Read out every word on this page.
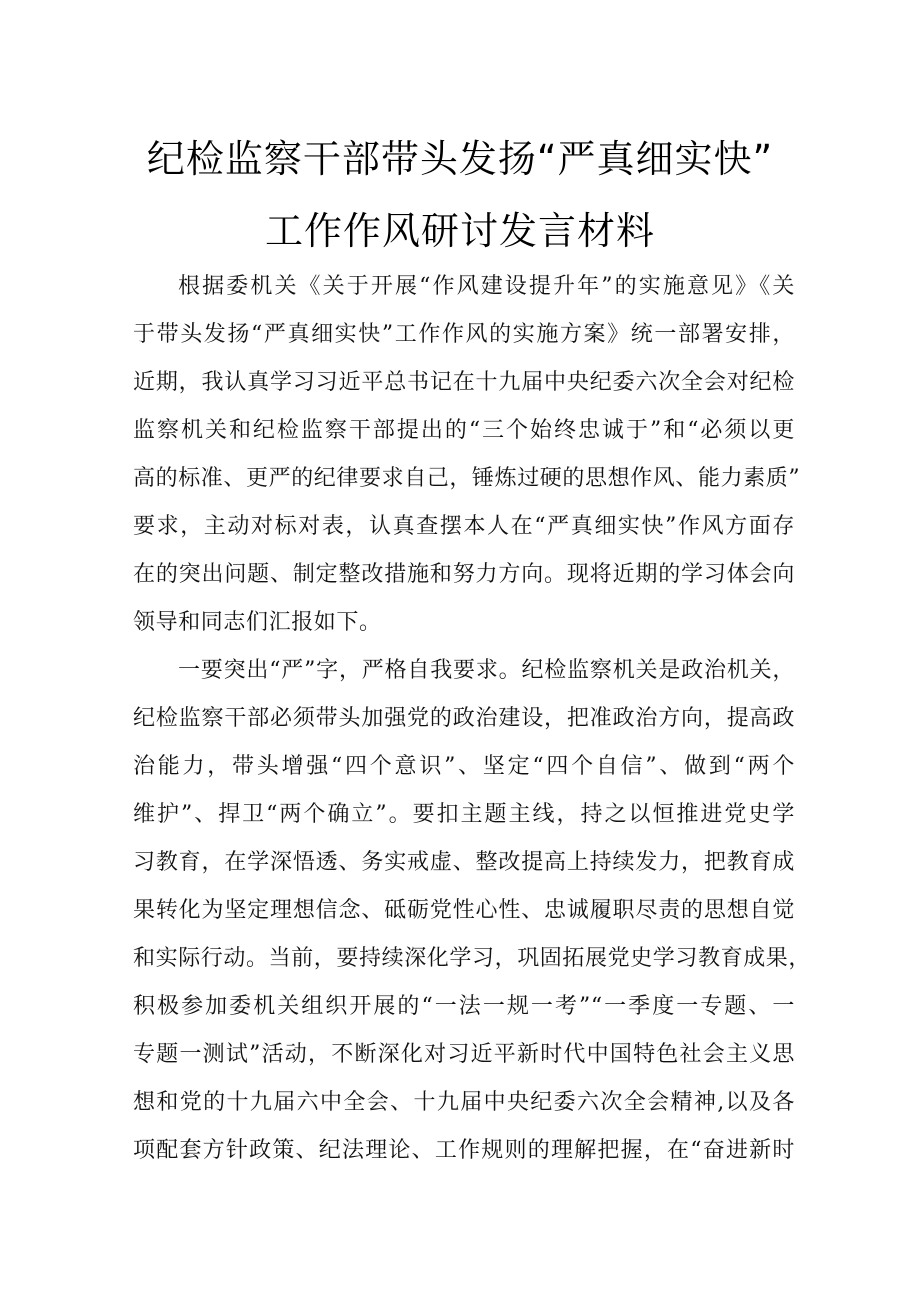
纪检监察干部带头发扬“严真细实快”
工作作风研讨发言材料
根据委机关《关于开展“作风建设提升年”的实施意见》《关
于带头发扬“严真细实快”工作作风的实施方案》统一部署安排，
近期，我认真学习习近平总书记在十九届中央纪委六次全会对纪检
监察机关和纪检监察干部提出的“三个始终忠诚于”和“必须以更
高的标准、更严的纪律要求自己，锤炼过硬的思想作风、能力素质”
要求，主动对标对表，认真查摆本人在“严真细实快”作风方面存
在的突出问题、制定整改措施和努力方向。现将近期的学习体会向
领导和同志们汇报如下。
一要突出“严”字，严格自我要求。纪检监察机关是政治机关，
纪检监察干部必须带头加强党的政治建设，把准政治方向，提高政
治能力，带头增强“四个意识”、坚定“四个自信”、做到“两个
维护”、捍卫“两个确立”。要扣主题主线，持之以恒推进党史学
习教育，在学深悟透、务实戒虚、整改提高上持续发力，把教育成
果转化为坚定理想信念、砥砺党性心性、忠诚履职尽责的思想自觉
和实际行动。当前，要持续深化学习，巩固拓展党史学习教育成果，
积极参加委机关组织开展的“一法一规一考”“一季度一专题、一
专题一测试”活动，不断深化对习近平新时代中国特色社会主义思
想和党的十九届六中全会、十九届中央纪委六次全会精神,以及各
项配套方针政策、纪法理论、工作规则的理解把握，在“奋进新时
